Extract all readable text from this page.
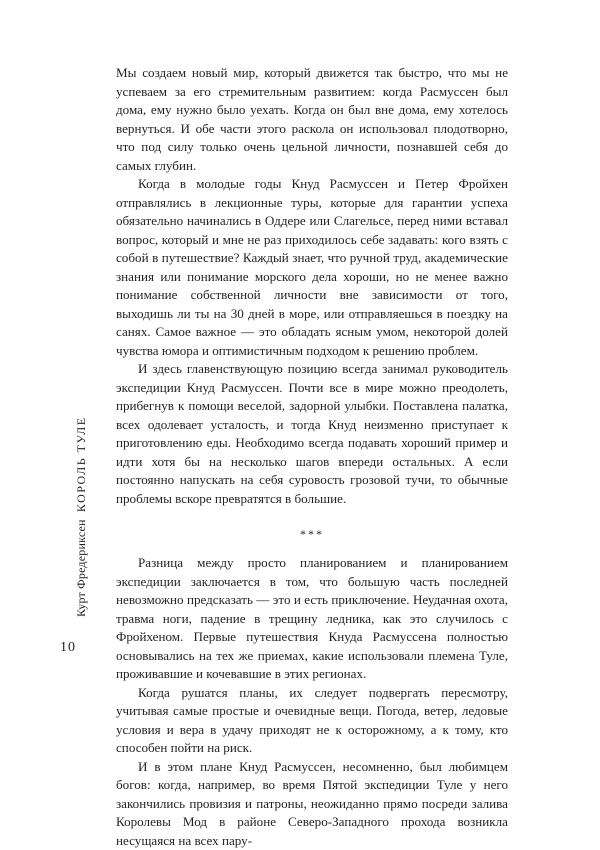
Мы создаем новый мир, который движется так быстро, что мы не успеваем за его стремительным развитием: когда Расмуссен был дома, ему нужно было уехать. Когда он был вне дома, ему хотелось вернуться. И обе части этого раскола он использовал плодотворно, что под силу только очень цельной личности, познавшей себя до самых глубин.

Когда в молодые годы Кнуд Расмуссен и Петер Фройхен отправлялись в лекционные туры, которые для гарантии успеха обязательно начинались в Оддере или Слагельсе, перед ними вставал вопрос, который и мне не раз приходилось себе задавать: кого взять с собой в путешествие? Каждый знает, что ручной труд, академические знания или понимание морского дела хороши, но не менее важно понимание собственной личности вне зависимости от того, выходишь ли ты на 30 дней в море, или отправляешься в поездку на санях. Самое важное — это обладать ясным умом, некоторой долей чувства юмора и оптимистичным подходом к решению проблем.

И здесь главенствующую позицию всегда занимал руководитель экспедиции Кнуд Расмуссен. Почти все в мире можно преодолеть, прибегнув к помощи веселой, задорной улыбки. Поставлена палатка, всех одолевает усталость, и тогда Кнуд неизменно приступает к приготовлению еды. Необходимо всегда подавать хороший пример и идти хотя бы на несколько шагов впереди остальных. А если постоянно напускать на себя суровость грозовой тучи, то обычные проблемы вскоре превратятся в большие.

***

Разница между просто планированием и планированием экспедиции заключается в том, что большую часть последней невозможно предсказать — это и есть приключение. Неудачная охота, травма ноги, падение в трещину ледника, как это случилось с Фройхеном. Первые путешествия Кнуда Расмуссена полностью основывались на тех же приемах, какие использовали племена Туле, проживавшие и кочевавшие в этих регионах.

Когда рушатся планы, их следует подвергать пересмотру, учитывая самые простые и очевидные вещи. Погода, ветер, ледовые условия и вера в удачу приходят не к осторожному, а к тому, кто способен пойти на риск.

И в этом плане Кнуд Расмуссен, несомненно, был любимцем богов: когда, например, во время Пятой экспедиции Туле у него закончились провизия и патроны, неожиданно прямо посреди залива Королевы Мод в районе Северо-Западного прохода возникла несущаяся на всех пару-

Курт Фредериксен КОРОЛЬ ТУЛЕ
10
